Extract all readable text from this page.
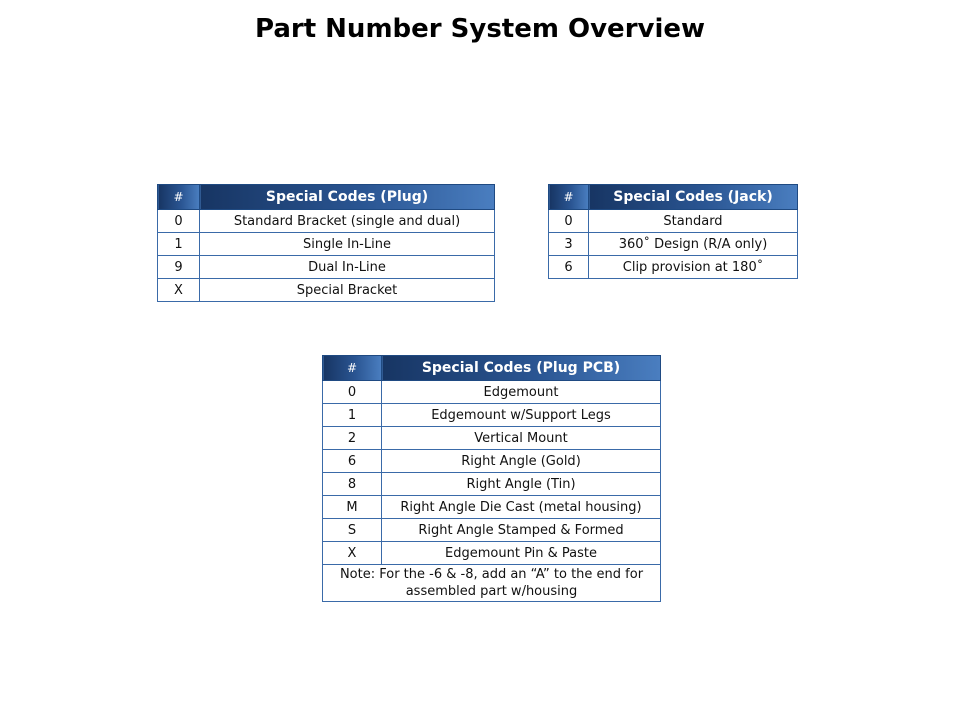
Part Number System Overview
#	Special Codes (Plug)
0	Standard Bracket (single and dual)
1	Single In-Line
9	Dual In-Line
X	Special Bracket
#	Special Codes (Jack)
0	Standard
3	360˚ Design (R/A only)
6	Clip provision at 180˚
#	Special Codes (Plug PCB)
0	Edgemount
1	Edgemount w/Support Legs
2	Vertical Mount
6	Right Angle (Gold)
8	Right Angle (Tin)
M	Right Angle Die Cast (metal housing)
S	Right Angle Stamped & Formed
X	Edgemount Pin & Paste
Note: For the -6 & -8, add an “A” to the end for assembled part w/housing	
